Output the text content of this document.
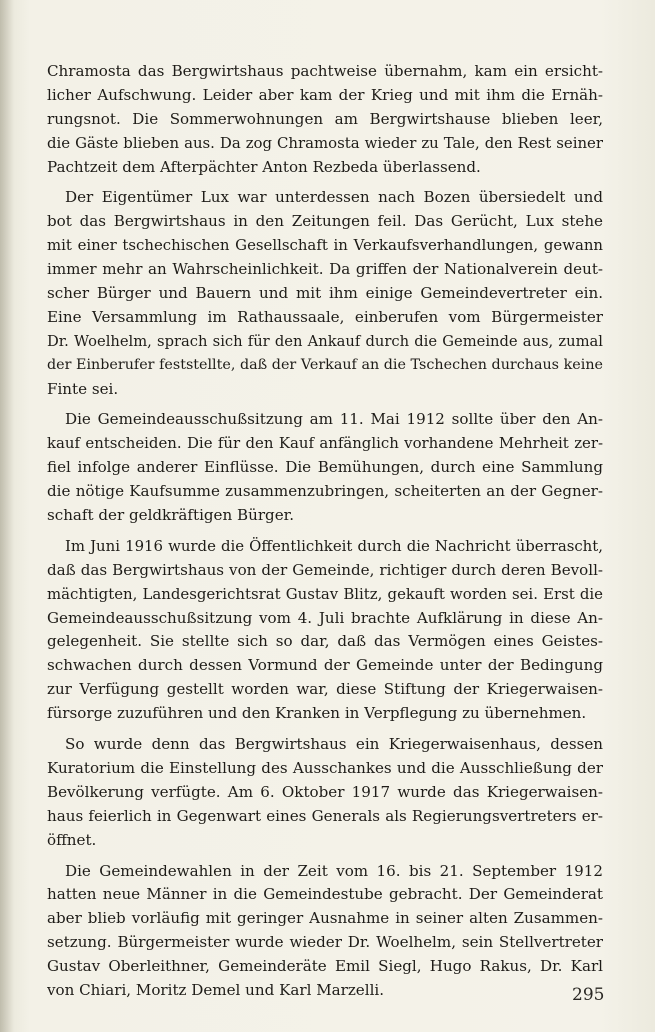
Chramosta das Bergwirtshaus pachtweise übernahm, kam ein ersicht-
licher Aufschwung. Leider aber kam der Krieg und mit ihm die Ernäh-
rungsnot. Die Sommerwohnungen am Bergwirtshause blieben leer,
die Gäste blieben aus. Da zog Chramosta wieder zu Tale, den Rest seiner
Pachtzeit dem Afterpächter Anton Rezbeda überlassend.

Der Eigentümer Lux war unterdessen nach Bozen übersiedelt und
bot das Bergwirtshaus in den Zeitungen feil. Das Gerücht, Lux stehe
mit einer tschechischen Gesellschaft in Verkaufsverhandlungen, gewann
immer mehr an Wahrscheinlichkeit. Da griffen der Nationalverein deut-
scher Bürger und Bauern und mit ihm einige Gemeindevertreter ein.
Eine Versammlung im Rathaussaale, einberufen vom Bürgermeister
Dr. Woelhelm, sprach sich für den Ankauf durch die Gemeinde aus, zumal
der Einberufer feststellte, daß der Verkauf an die Tschechen durchaus keine
Finte sei.

Die Gemeindeausschußsitzung am 11. Mai 1912 sollte über den An-
kauf entscheiden. Die für den Kauf anfänglich vorhandene Mehrheit zer-
fiel infolge anderer Einflüsse. Die Bemühungen, durch eine Sammlung
die nötige Kaufsumme zusammenzubringen, scheiterten an der Gegner-
schaft der geldkräftigen Bürger.

Im Juni 1916 wurde die Öffentlichkeit durch die Nachricht überrascht,
daß das Bergwirtshaus von der Gemeinde, richtiger durch deren Bevoll-
mächtigten, Landesgerichtsrat Gustav Blitz, gekauft worden sei. Erst die
Gemeindeausschußsitzung vom 4. Juli brachte Aufklärung in diese An-
gelegenheit. Sie stellte sich so dar, daß das Vermögen eines Geistes-
schwachen durch dessen Vormund der Gemeinde unter der Bedingung
zur Verfügung gestellt worden war, diese Stiftung der Kriegerwaisen-
fürsorge zuzuführen und den Kranken in Verpflegung zu übernehmen.

So wurde denn das Bergwirtshaus ein Kriegerwaisenhaus, dessen
Kuratorium die Einstellung des Ausschankes und die Ausschließung der
Bevölkerung verfügte. Am 6. Oktober 1917 wurde das Kriegerwaisen-
haus feierlich in Gegenwart eines Generals als Regierungsvertreters er-
öffnet.

Die Gemeindewahlen in der Zeit vom 16. bis 21. September 1912
hatten neue Männer in die Gemeindestube gebracht. Der Gemeinderat
aber blieb vorläufig mit geringer Ausnahme in seiner alten Zusammen-
setzung. Bürgermeister wurde wieder Dr. Woelhelm, sein Stellvertreter
Gustav Oberleithner, Gemeinderäte Emil Siegl, Hugo Rakus, Dr. Karl
von Chiari, Moritz Demel und Karl Marzelli.	295
